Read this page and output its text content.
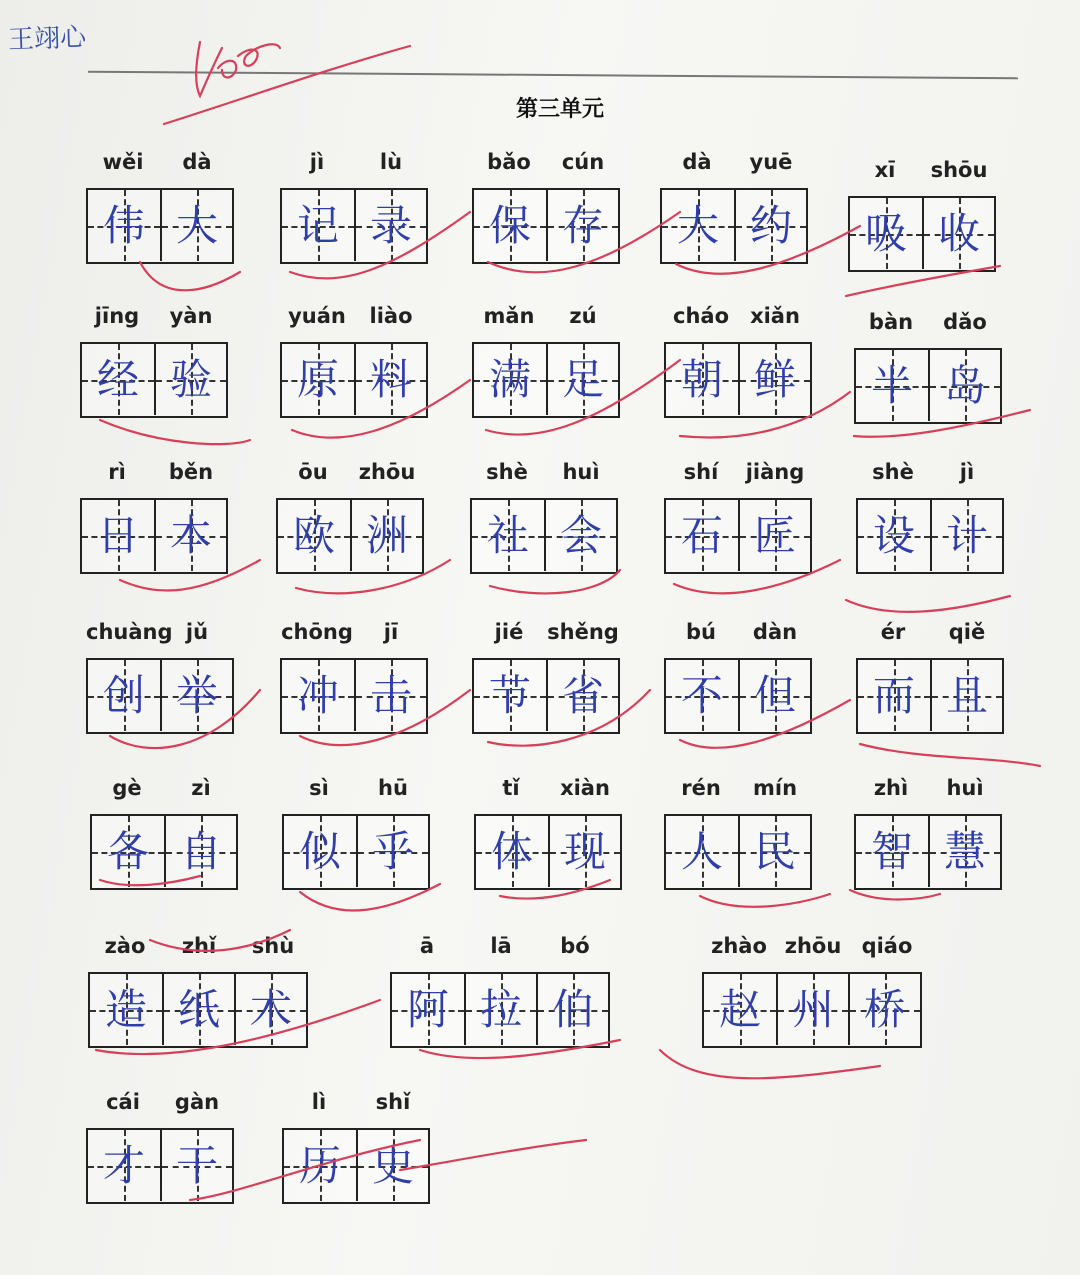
王翊心
第三单元
wěi	dà
伟 大
jì	lù
记 录
bǎo	cún
保 存
dà	yuē
大 约
xī	shōu
吸 收
jīng	yàn
经 验
yuán	liào
原 料
mǎn	zú
满 足
cháo	xiǎn
朝 鲜
bàn	dǎo
半 岛
rì	běn
日 本
ōu	zhōu
欧 洲
shè	huì
社 会
shí	jiàng
石 匠
shè	jì
设 计
chuàng jǔ
创 举
chōng	jī
冲 击
jié	shěng
节 省
bú	dàn
不 但
ér	qiě
而 且
gè	zì
各 自
sì	hū
似 乎
tǐ	xiàn
体 现
rén	mín
人 民
zhì	huì
智 慧
zào	zhǐ	shù
造 纸 术
ā	lā	bó
阿 拉 伯
zhào zhōu qiáo
赵 州 桥
cái	gàn
才 干
lì	shǐ
历 史
